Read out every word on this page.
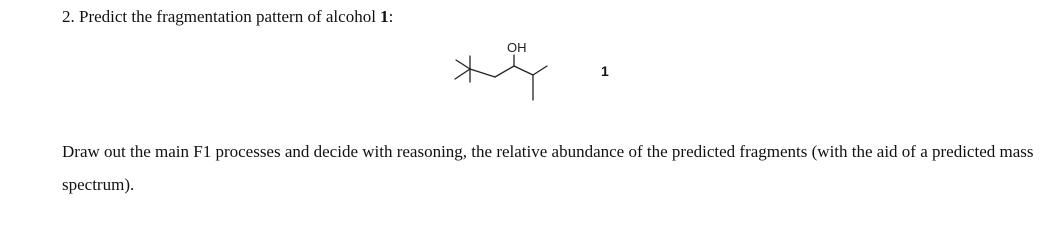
2. Predict the fragmentation pattern of alcohol 1:
OH
1
Draw out the main F1 processes and decide with reasoning, the relative abundance of the predicted fragments (with the aid of a predicted mass spectrum).
